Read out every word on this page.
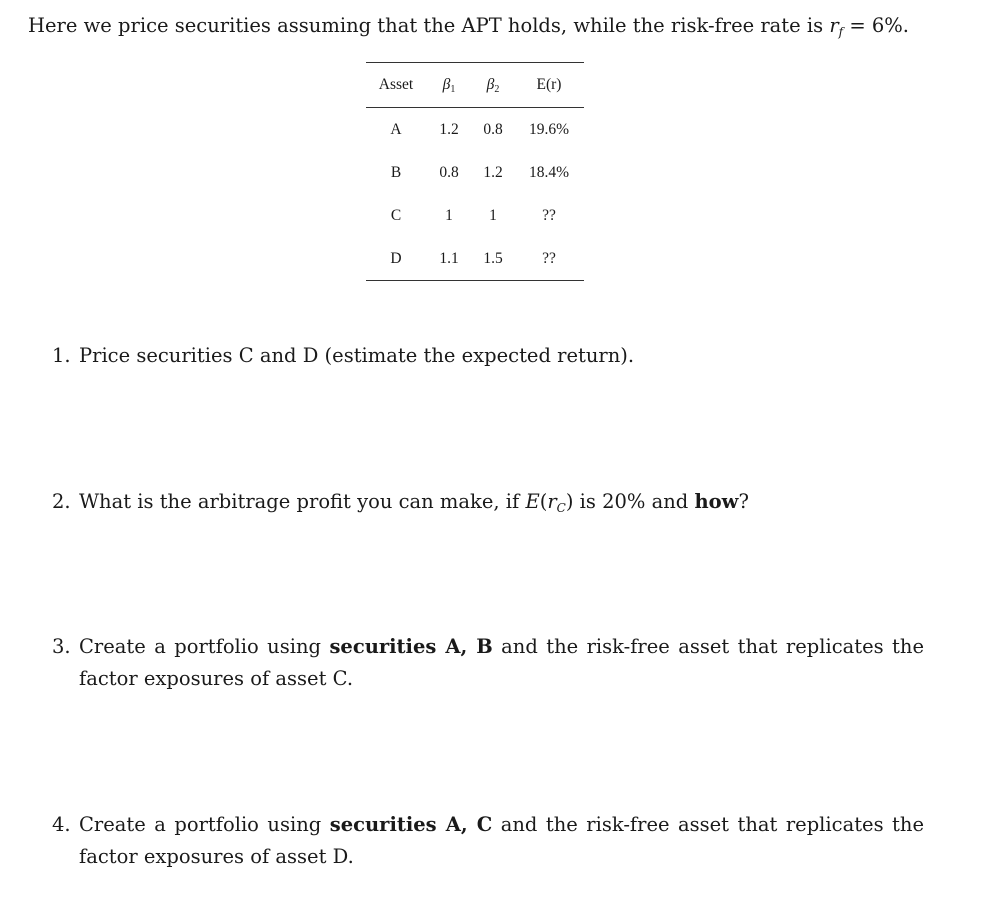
Here we price securities assuming that the APT holds, while the risk-free rate is $r_f = 6\%$.
Asset	$\beta_1$	$\beta_2$	E(r)
A	1.2	0.8	19.6%
B	0.8	1.2	18.4%
C	1	1	??
D	1.1	1.5	??
1. Price securities C and D (estimate the expected return).
2. What is the arbitrage profit you can make, if $E(r_C)$ is 20% and how?
3. Create a portfolio using securities A, B and the risk-free asset that replicates the factor exposures of asset C.
4. Create a portfolio using securities A, C and the risk-free asset that replicates the factor exposures of asset D.
